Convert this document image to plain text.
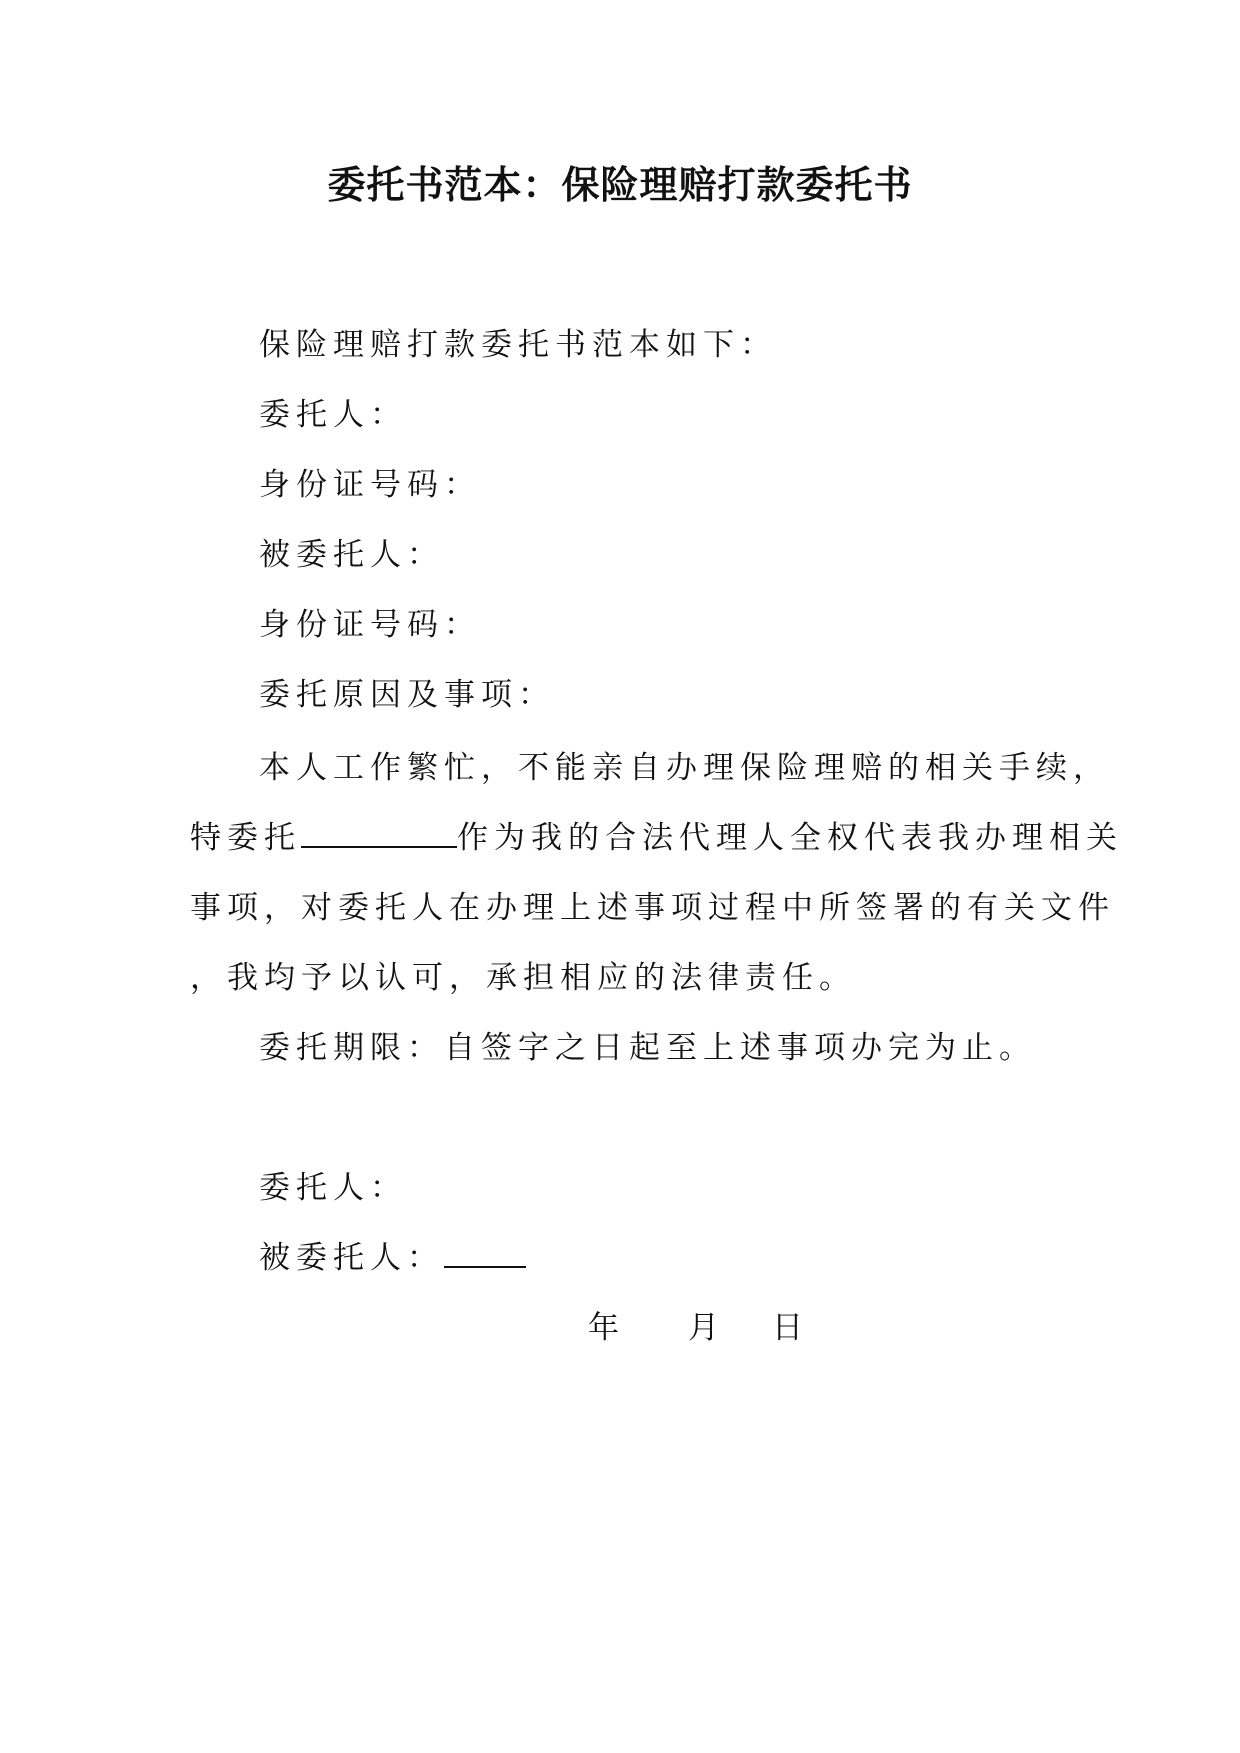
委托书范本：保险理赔打款委托书
保险理赔打款委托书范本如下：
委托人：
身份证号码：
被委托人：
身份证号码：
委托原因及事项：
本人工作繁忙，不能亲自办理保险理赔的相关手续，
特委托	作为我的合法代理人全权代表我办理相关
事项，对委托人在办理上述事项过程中所签署的有关文件
，我均予以认可，承担相应的法律责任。
委托期限：自签字之日起至上述事项办完为止。
委托人：
被委托人：
年 月 日
